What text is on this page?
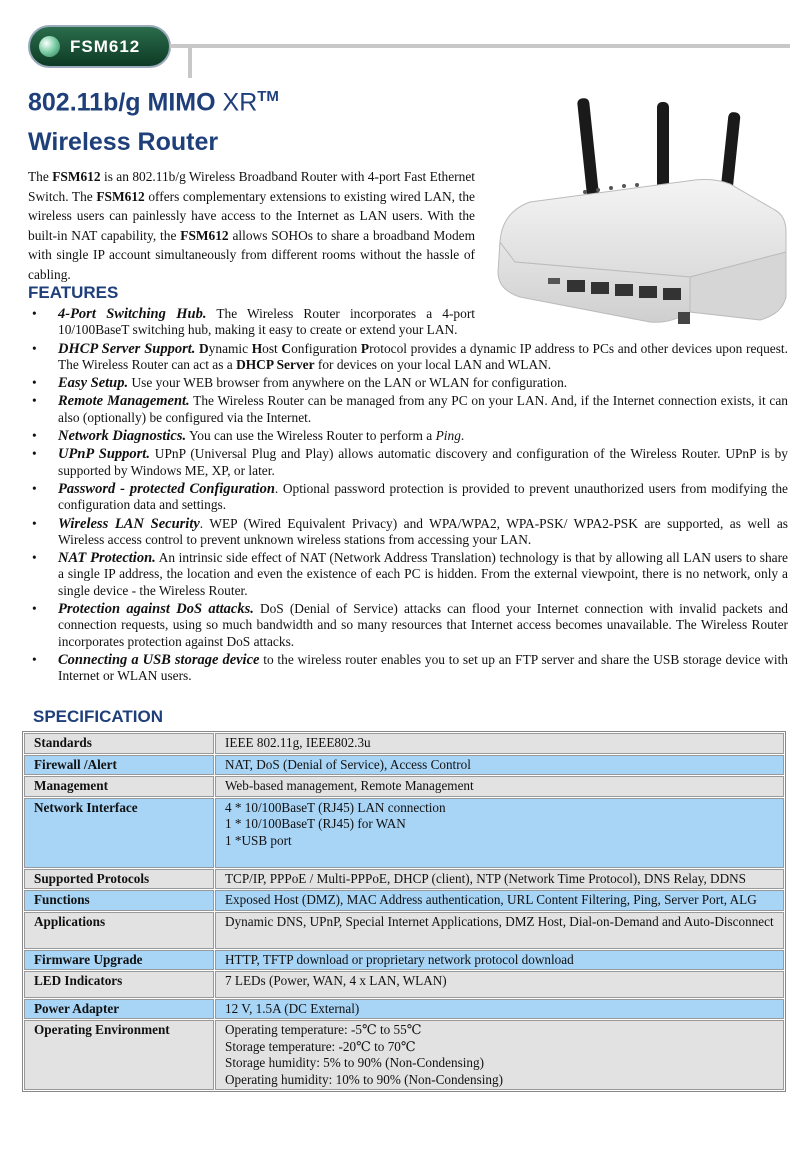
FSM612
802.11b/g MIMO XR™
Wireless Router
The FSM612 is an 802.11b/g Wireless Broadband Router with 4-port Fast Ethernet Switch. The FSM612 offers complementary extensions to existing wired LAN, the wireless users can painlessly have access to the Internet as LAN users. With the built-in NAT capability, the FSM612 allows SOHOs to share a broadband Modem with single IP account simultaneously from different rooms without the hassle of cabling.
FEATURES
• 4-Port Switching Hub. The Wireless Router incorporates a 4-port 10/100BaseT switching hub, making it easy to create or extend your LAN.
• DHCP Server Support. Dynamic Host Configuration Protocol provides a dynamic IP address to PCs and other devices upon request. The Wireless Router can act as a DHCP Server for devices on your local LAN and WLAN.
• Easy Setup. Use your WEB browser from anywhere on the LAN or WLAN for configuration.
• Remote Management. The Wireless Router can be managed from any PC on your LAN. And, if the Internet connection exists, it can also (optionally) be configured via the Internet.
• Network Diagnostics. You can use the Wireless Router to perform a Ping.
• UPnP Support. UPnP (Universal Plug and Play) allows automatic discovery and configuration of the Wireless Router. UPnP is by supported by Windows ME, XP, or later.
• Password - protected Configuration. Optional password protection is provided to prevent unauthorized users from modifying the configuration data and settings.
• Wireless LAN Security. WEP (Wired Equivalent Privacy) and WPA/WPA2, WPA-PSK/ WPA2-PSK are supported, as well as Wireless access control to prevent unknown wireless stations from accessing your LAN.
• NAT Protection. An intrinsic side effect of NAT (Network Address Translation) technology is that by allowing all LAN users to share a single IP address, the location and even the existence of each PC is hidden. From the external viewpoint, there is no network, only a single device - the Wireless Router.
• Protection against DoS attacks. DoS (Denial of Service) attacks can flood your Internet connection with invalid packets and connection requests, using so much bandwidth and so many resources that Internet access becomes unavailable. The Wireless Router incorporates protection against DoS attacks.
• Connecting a USB storage device to the wireless router enables you to set up an FTP server and share the USB storage device with Internet or WLAN users.
SPECIFICATION
Standards	IEEE 802.11g, IEEE802.3u
Firewall /Alert	NAT, DoS (Denial of Service), Access Control
Management	Web-based management, Remote Management
Network Interface	4 * 10/100BaseT (RJ45) LAN connection
1 * 10/100BaseT (RJ45) for WAN
1 *USB port

Supported Protocols	TCP/IP, PPPoE / Multi-PPPoE, DHCP (client), NTP (Network Time Protocol), DNS Relay, DDNS
Functions	Exposed Host (DMZ), MAC Address authentication, URL Content Filtering, Ping, Server Port, ALG
Applications	Dynamic DNS, UPnP, Special Internet Applications, DMZ Host, Dial-on-Demand and Auto-Disconnect

Firmware Upgrade	HTTP, TFTP download or proprietary network protocol download
LED Indicators	7 LEDs (Power, WAN, 4 x LAN, WLAN)

Power Adapter	12 V, 1.5A (DC External)
Operating Environment	Operating temperature: -5℃ to 55℃
Storage temperature: -20℃ to 70℃
Storage humidity: 5% to 90% (Non-Condensing)
Operating humidity: 10% to 90% (Non-Condensing)
